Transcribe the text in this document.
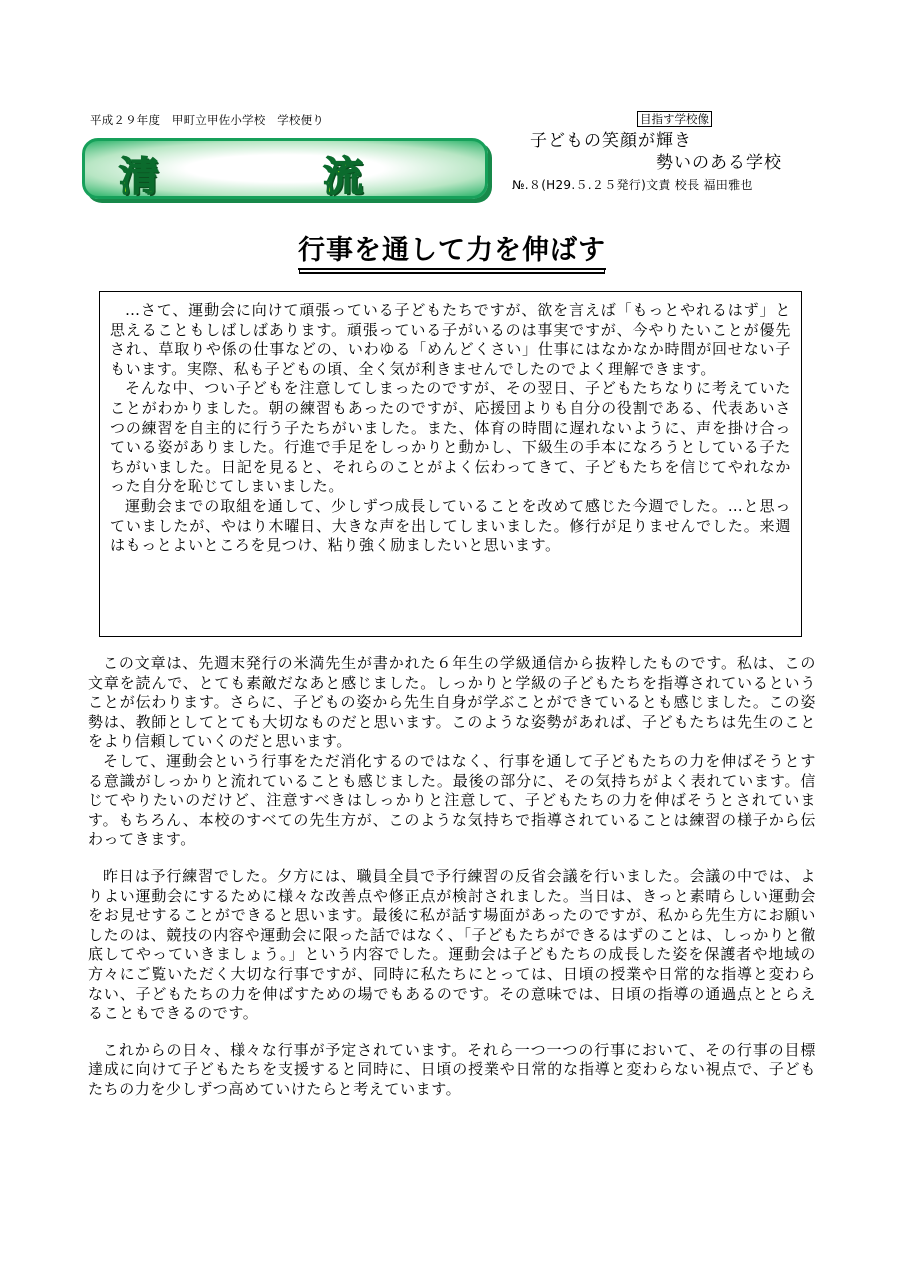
平成２９年度　甲町立甲佐小学校　学校便り
清	流
目指す学校像
子どもの笑顔が輝き
勢いのある学校
№.８(H29.５.２５発行)文責 校長 福田雅也
行事を通して力を伸ばす

…さて、運動会に向けて頑張っている子どもたちですが、欲を言えば「もっとやれるはず」と思えることもしばしばあります。頑張っている子がいるのは事実ですが、今やりたいことが優先され、草取りや係の仕事などの、いわゆる「めんどくさい」仕事にはなかなか時間が回せない子もいます。実際、私も子どもの頃、全く気が利きませんでしたのでよく理解できます。

そんな中、つい子どもを注意してしまったのですが、その翌日、子どもたちなりに考えていたことがわかりました。朝の練習もあったのですが、応援団よりも自分の役割である、代表あいさつの練習を自主的に行う子たちがいました。また、体育の時間に遅れないように、声を掛け合っている姿がありました。行進で手足をしっかりと動かし、下級生の手本になろうとしている子たちがいました。日記を見ると、それらのことがよく伝わってきて、子どもたちを信じてやれなかった自分を恥じてしまいました。

運動会までの取組を通して、少しずつ成長していることを改めて感じた今週でした。…と思っていましたが、やはり木曜日、大きな声を出してしまいました。修行が足りませんでした。来週はもっとよいところを見つけ、粘り強く励ましたいと思います。

この文章は、先週末発行の米満先生が書かれた６年生の学級通信から抜粋したものです。私は、この文章を読んで、とても素敵だなあと感じました。しっかりと学級の子どもたちを指導されているということが伝わります。さらに、子どもの姿から先生自身が学ぶことができているとも感じました。この姿勢は、教師としてとても大切なものだと思います。このような姿勢があれば、子どもたちは先生のことをより信頼していくのだと思います。

そして、運動会という行事をただ消化するのではなく、行事を通して子どもたちの力を伸ばそうとする意識がしっかりと流れていることも感じました。最後の部分に、その気持ちがよく表れています。信じてやりたいのだけど、注意すべきはしっかりと注意して、子どもたちの力を伸ばそうとされています。もちろん、本校のすべての先生方が、このような気持ちで指導されていることは練習の様子から伝わってきます。

昨日は予行練習でした。夕方には、職員全員で予行練習の反省会議を行いました。会議の中では、よりよい運動会にするために様々な改善点や修正点が検討されました。当日は、きっと素晴らしい運動会をお見せすることができると思います。最後に私が話す場面があったのですが、私から先生方にお願いしたのは、競技の内容や運動会に限った話ではなく、「子どもたちができるはずのことは、しっかりと徹底してやっていきましょう。」という内容でした。運動会は子どもたちの成長した姿を保護者や地域の方々にご覧いただく大切な行事ですが、同時に私たちにとっては、日頃の授業や日常的な指導と変わらない、子どもたちの力を伸ばすための場でもあるのです。その意味では、日頃の指導の通過点ととらえることもできるのです。

これからの日々、様々な行事が予定されています。それら一つ一つの行事において、その行事の目標達成に向けて子どもたちを支援すると同時に、日頃の授業や日常的な指導と変わらない視点で、子どもたちの力を少しずつ高めていけたらと考えています。
